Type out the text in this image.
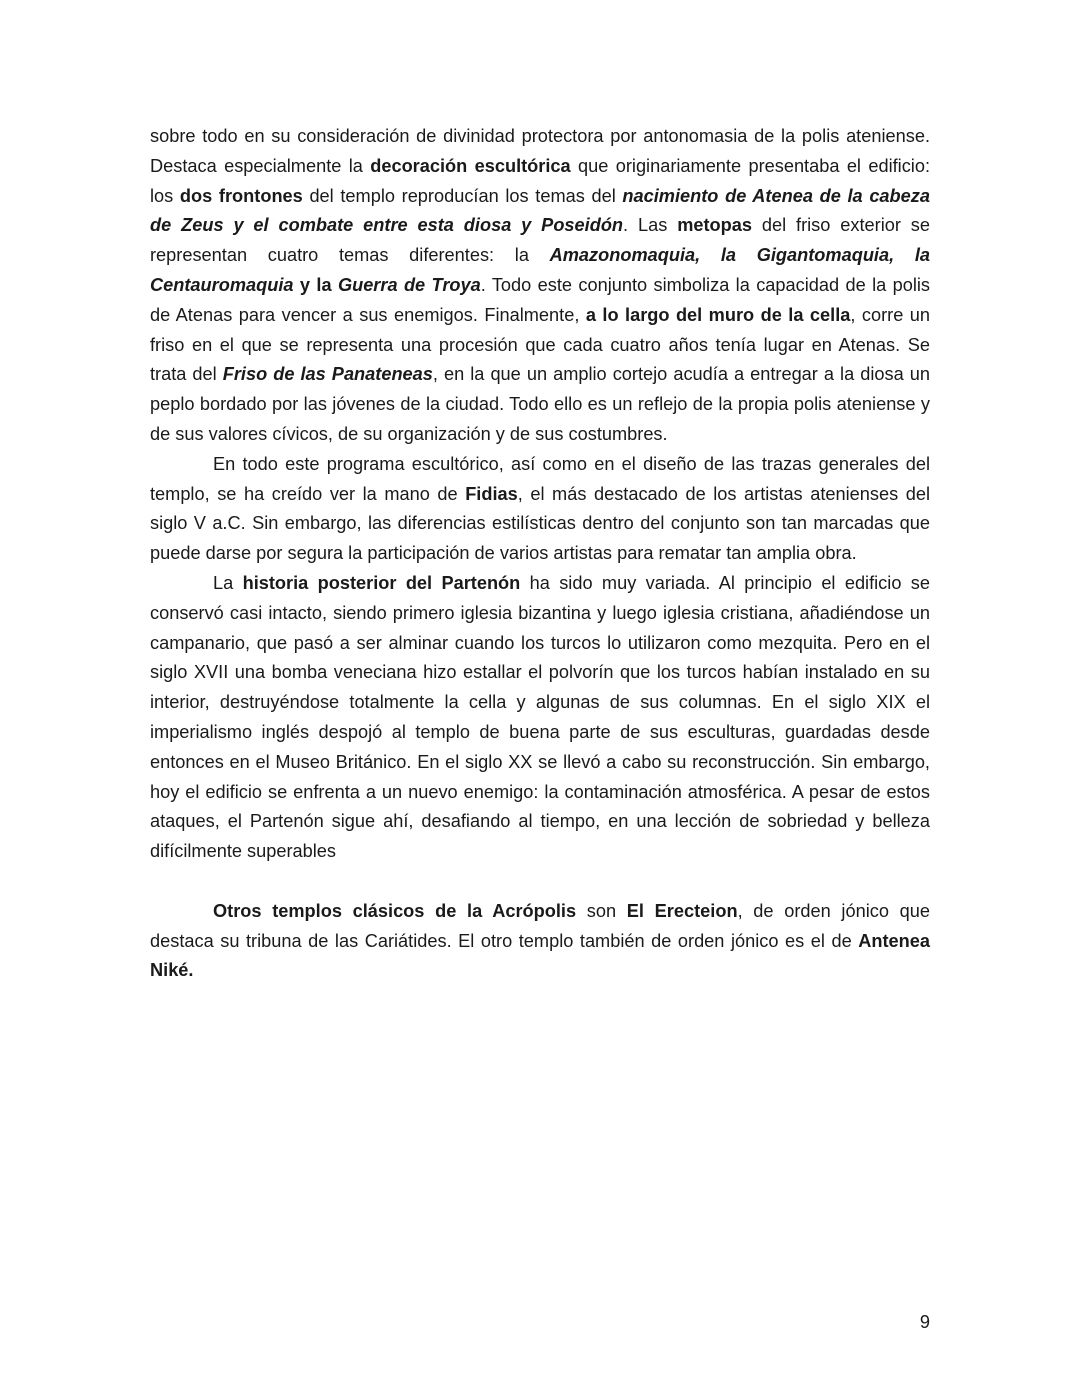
sobre todo en su consideración de divinidad protectora por antonomasia de la polis ateniense. Destaca especialmente la decoración escultórica que originariamente presentaba el edificio: los dos frontones del templo reproducían los temas del nacimiento de Atenea de la cabeza de Zeus y el combate entre esta diosa y Poseidón. Las metopas del friso exterior se representan cuatro temas diferentes: la Amazonomaquia, la Gigantomaquia, la Centauromaquia y la Guerra de Troya. Todo este conjunto simboliza la capacidad de la polis de Atenas para vencer a sus enemigos. Finalmente, a lo largo del muro de la cella, corre un friso en el que se representa una procesión que cada cuatro años tenía lugar en Atenas. Se trata del Friso de las Panateneas, en la que un amplio cortejo acudía a entregar a la diosa un peplo bordado por las jóvenes de la ciudad. Todo ello es un reflejo de la propia polis ateniense y de sus valores cívicos, de su organización y de sus costumbres.

En todo este programa escultórico, así como en el diseño de las trazas generales del templo, se ha creído ver la mano de Fidias, el más destacado de los artistas atenienses del siglo V a.C. Sin embargo, las diferencias estilísticas dentro del conjunto son tan marcadas que puede darse por segura la participación de varios artistas para rematar tan amplia obra.

La historia posterior del Partenón ha sido muy variada. Al principio el edificio se conservó casi intacto, siendo primero iglesia bizantina y luego iglesia cristiana, añadiéndose un campanario, que pasó a ser alminar cuando los turcos lo utilizaron como mezquita. Pero en el siglo XVII una bomba veneciana hizo estallar el polvorín que los turcos habían instalado en su interior, destruyéndose totalmente la cella y algunas de sus columnas. En el siglo XIX el imperialismo inglés despojó al templo de buena parte de sus esculturas, guardadas desde entonces en el Museo Británico. En el siglo XX se llevó a cabo su reconstrucción. Sin embargo, hoy el edificio se enfrenta a un nuevo enemigo: la contaminación atmosférica. A pesar de estos ataques, el Partenón sigue ahí, desafiando al tiempo, en una lección de sobriedad y belleza difícilmente superables

Otros templos clásicos de la Acrópolis son El Erecteion, de orden jónico que destaca su tribuna de las Cariátides. El otro templo también de orden jónico es el de Antenea Niké.

9
